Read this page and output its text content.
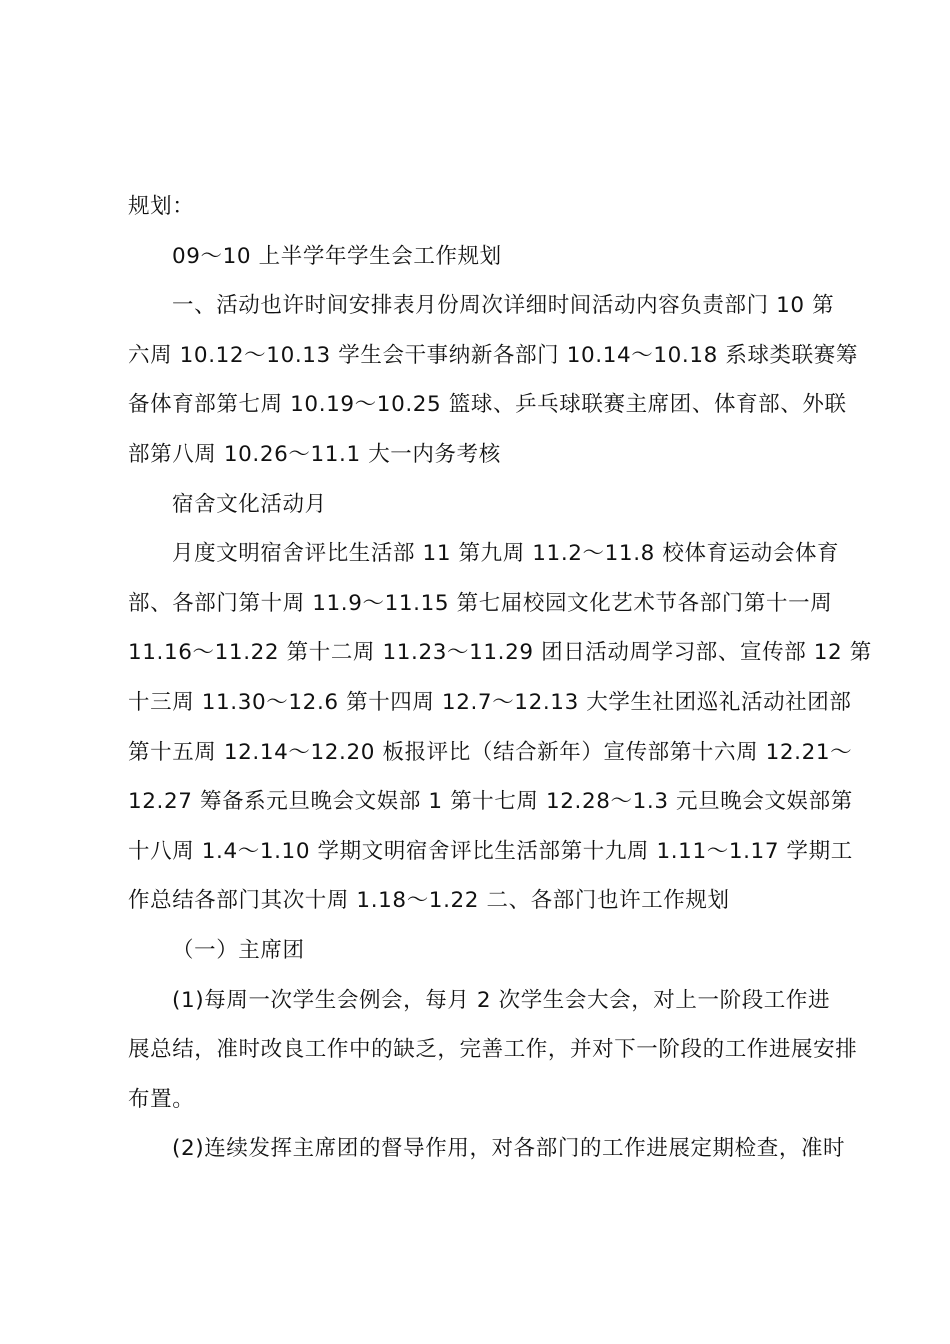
规划：
09～10 上半学年学生会工作规划
一、活动也许时间安排表月份周次详细时间活动内容负责部门 10 第
六周 10.12～10.13 学生会干事纳新各部门 10.14～10.18 系球类联赛筹
备体育部第七周 10.19～10.25 篮球、乒乓球联赛主席团、体育部、外联
部第八周 10.26～11.1 大一内务考核
宿舍文化活动月
月度文明宿舍评比生活部 11 第九周 11.2～11.8 校体育运动会体育
部、各部门第十周 11.9～11.15 第七届校园文化艺术节各部门第十一周
11.16～11.22 第十二周 11.23～11.29 团日活动周学习部、宣传部 12 第
十三周 11.30～12.6 第十四周 12.7～12.13 大学生社团巡礼活动社团部
第十五周 12.14～12.20 板报评比（结合新年）宣传部第十六周 12.21～
12.27 筹备系元旦晚会文娱部 1 第十七周 12.28～1.3 元旦晚会文娱部第
十八周 1.4～1.10 学期文明宿舍评比生活部第十九周 1.11～1.17 学期工
作总结各部门其次十周 1.18～1.22 二、各部门也许工作规划
（一）主席团
(1)每周一次学生会例会，每月 2 次学生会大会，对上一阶段工作进
展总结，准时改良工作中的缺乏，完善工作，并对下一阶段的工作进展安排
布置。
(2)连续发挥主席团的督导作用，对各部门的工作进展定期检查，准时
